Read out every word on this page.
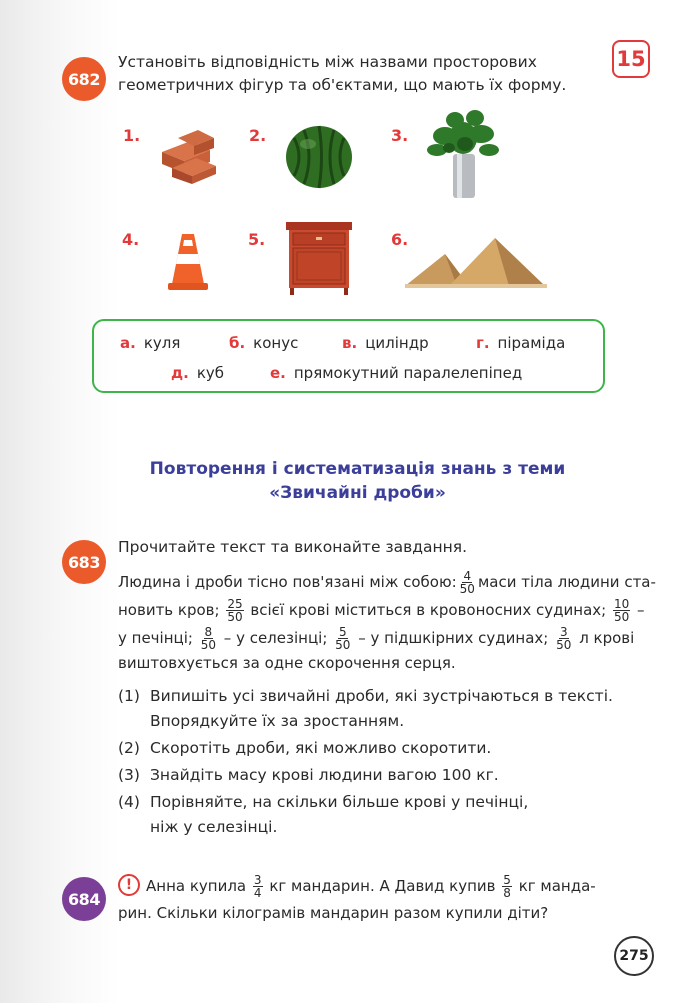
15
682
Установіть відповідність між назвами просторових
геометричних фігур та об'єктами, що мають їх форму.
1.	2.	3.
4.	5.	6.
а. куля	б. конус	в. циліндр	г. піраміда
д. куб	е. прямокутний паралелепіпед
Повторення і систематизація знань з теми
«Звичайні дроби»
683
Прочитайте текст та виконайте завдання.
Людина і дроби тісно пов'язані між собою: $\frac{4}{50}$ маси тіла людини ста-
новить кров; $\frac{25}{50}$ всієї крові міститься в кровоносних судинах; $\frac{10}{50}$ –
у печінці; $\frac{8}{50}$ – у селезінці; $\frac{5}{50}$ – у підшкірних судинах; $\frac{3}{50}$ л крові
виштовхується за одне скорочення серця.
(1) Випишіть усі звичайні дроби, які зустрічаються в тексті.
Впорядкуйте їх за зростанням.
(2) Скоротіть дроби, які можливо скоротити.
(3) Знайдіть масу крові людини вагою 100 кг.
(4) Порівняйте, на скільки більше крові у печінці,
ніж у селезінці.
684
! Анна купила $\frac{3}{4}$ кг мандарин. А Давид купив $\frac{5}{8}$ кг манда-
рин. Скільки кілограмів мандарин разом купили діти?
275
